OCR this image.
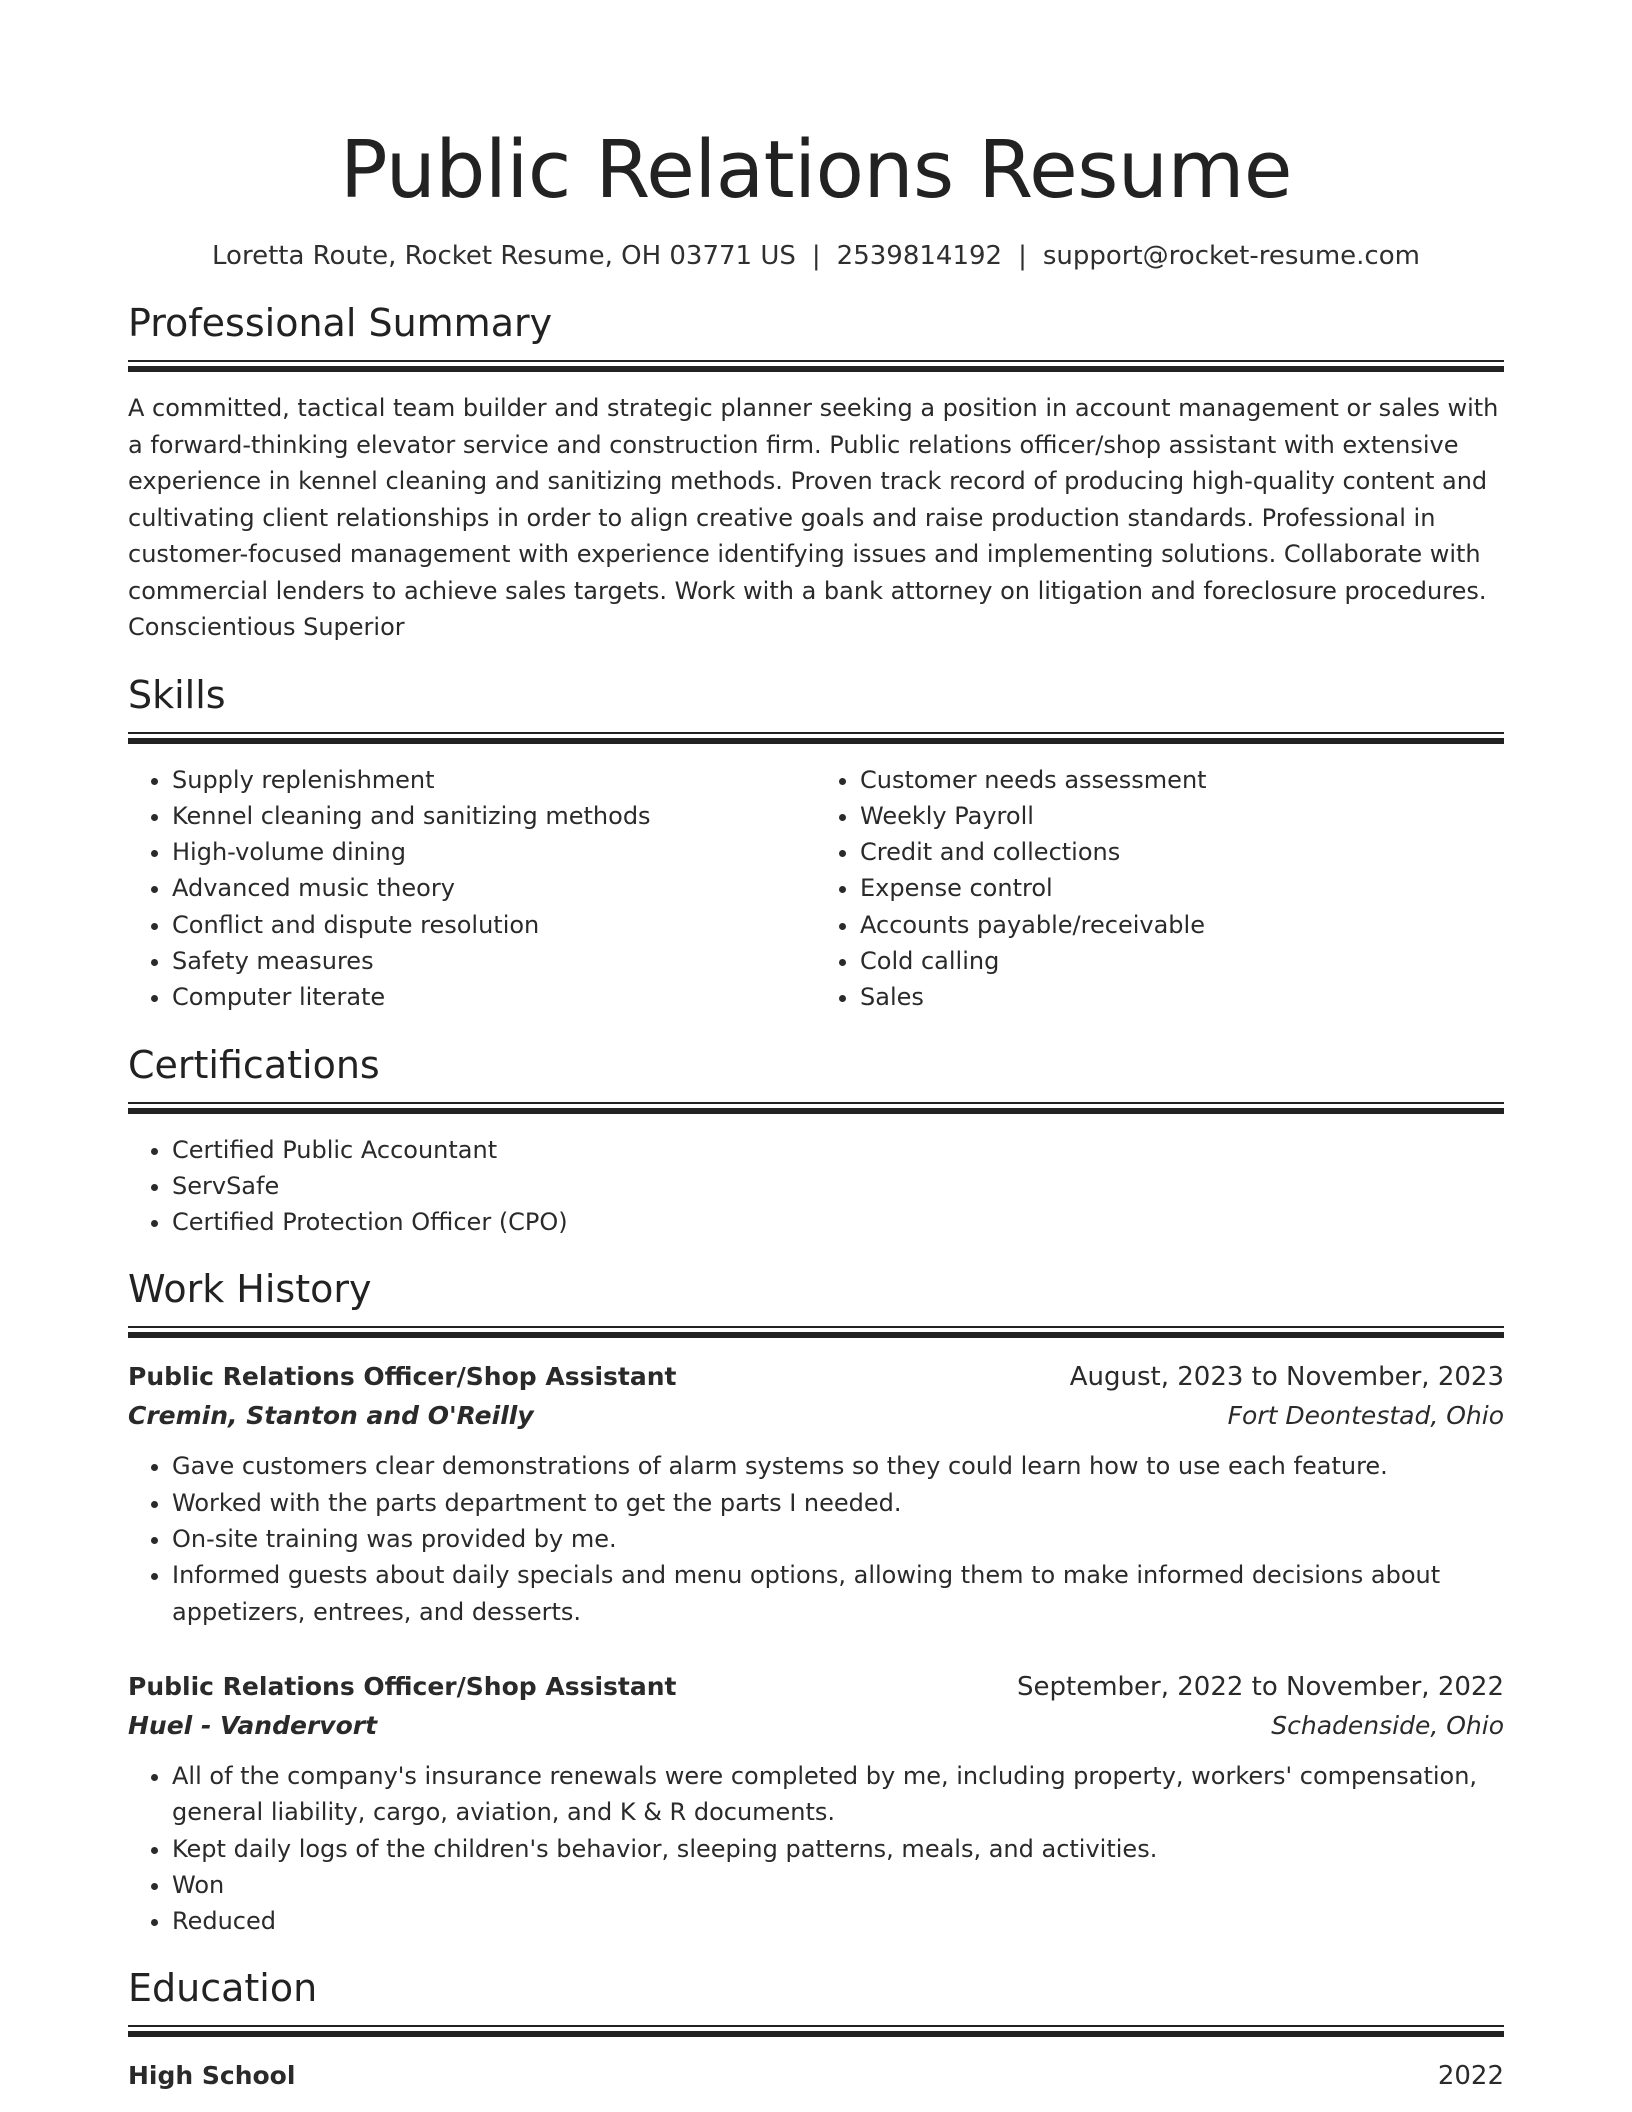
Public Relations Resume
Loretta Route, Rocket Resume, OH 03771 US | 2539814192 | support@rocket-resume.com
Professional Summary

A committed, tactical team builder and strategic planner seeking a position in account management or sales with a forward-thinking elevator service and construction firm. Public relations officer/shop assistant with extensive experience in kennel cleaning and sanitizing methods. Proven track record of producing high-quality content and cultivating client relationships in order to align creative goals and raise production standards. Professional in customer-focused management with experience identifying issues and implementing solutions. Collaborate with commercial lenders to achieve sales targets. Work with a bank attorney on litigation and foreclosure procedures. Conscientious Superior

Skills
• Supply replenishment
• Kennel cleaning and sanitizing methods
• High-volume dining
• Advanced music theory
• Conflict and dispute resolution
• Safety measures
• Computer literate
• Customer needs assessment
• Weekly Payroll
• Credit and collections
• Expense control
• Accounts payable/receivable
• Cold calling
• Sales
Certifications
• Certified Public Accountant
• ServSafe
• Certified Protection Officer (CPO)
Work History
Public Relations Officer/Shop Assistant	August, 2023 to November, 2023
Cremin, Stanton and O'Reilly	Fort Deontestad, Ohio
• Gave customers clear demonstrations of alarm systems so they could learn how to use each feature.
• Worked with the parts department to get the parts I needed.
• On-site training was provided by me.
• Informed guests about daily specials and menu options, allowing them to make informed decisions about appetizers, entrees, and desserts.
Public Relations Officer/Shop Assistant	September, 2022 to November, 2022
Huel - Vandervort	Schadenside, Ohio
• All of the company's insurance renewals were completed by me, including property, workers' compensation, general liability, cargo, aviation, and K & R documents.
• Kept daily logs of the children's behavior, sleeping patterns, meals, and activities.
• Won
• Reduced
Education
High School	2022
